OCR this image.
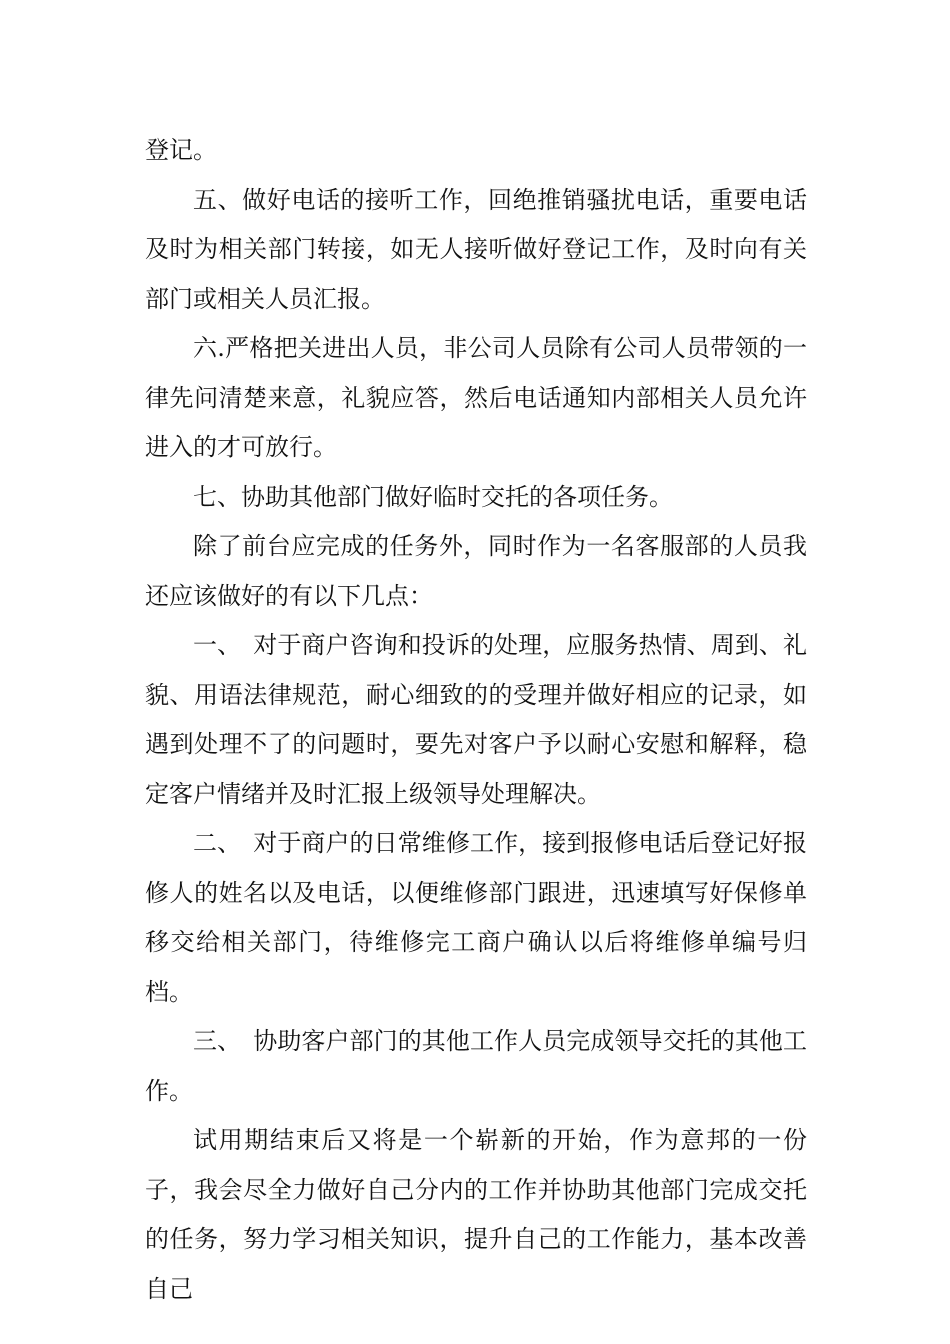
登记。

五、做好电话的接听工作，回绝推销骚扰电话，重要电话及时为相关部门转接，如无人接听做好登记工作，及时向有关部门或相关人员汇报。

六.严格把关进出人员，非公司人员除有公司人员带领的一律先问清楚来意，礼貌应答，然后电话通知内部相关人员允许进入的才可放行。

七、协助其他部门做好临时交托的各项任务。

除了前台应完成的任务外，同时作为一名客服部的人员我还应该做好的有以下几点：

一、　对于商户咨询和投诉的处理，应服务热情、周到、礼貌、用语法律规范，耐心细致的的受理并做好相应的记录，如遇到处理不了的问题时，要先对客户予以耐心安慰和解释，稳定客户情绪并及时汇报上级领导处理解决。

二、　对于商户的日常维修工作，接到报修电话后登记好报修人的姓名以及电话，以便维修部门跟进，迅速填写好保修单移交给相关部门，待维修完工商户确认以后将维修单编号归档。

三、　协助客户部门的其他工作人员完成领导交托的其他工作。

试用期结束后又将是一个崭新的开始，作为意邦的一份子，我会尽全力做好自己分内的工作并协助其他部门完成交托的任务，努力学习相关知识，提升自己的工作能力，基本改善自己
